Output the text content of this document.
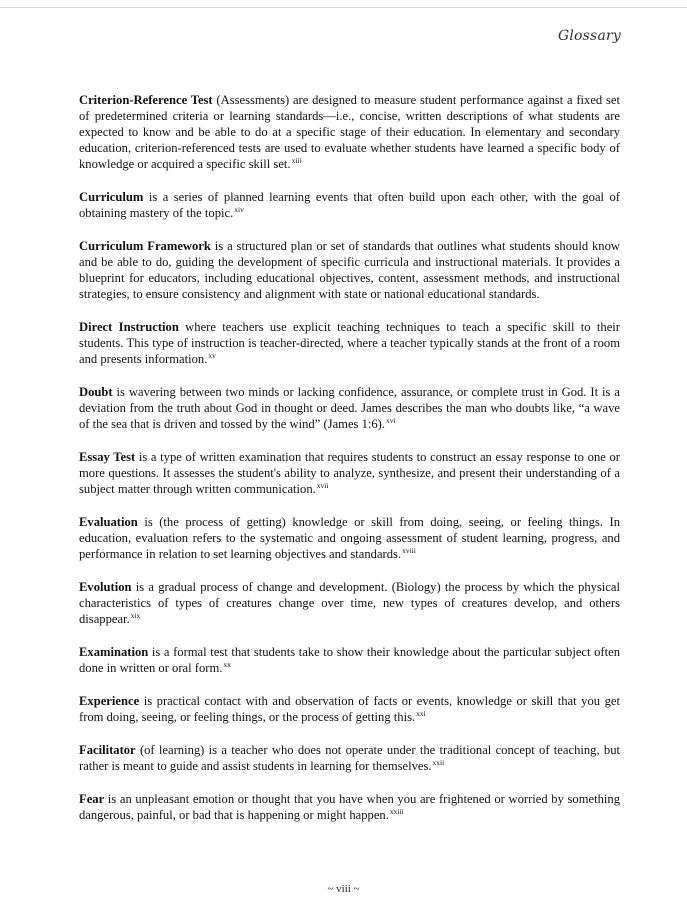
Glossary

Criterion-Reference Test (Assessments) are designed to measure student performance against a fixed set of predetermined criteria or learning standards—i.e., concise, written descriptions of what students are expected to know and be able to do at a specific stage of their education. In elementary and secondary education, criterion-referenced tests are used to evaluate whether students have learned a specific body of knowledge or acquired a specific skill set.$^{xiii}$

Curriculum is a series of planned learning events that often build upon each other, with the goal of obtaining mastery of the topic.$^{xiv}$

Curriculum Framework is a structured plan or set of standards that outlines what students should know and be able to do, guiding the development of specific curricula and instructional materials. It provides a blueprint for educators, including educational objectives, content, assessment methods, and instructional strategies, to ensure consistency and alignment with state or national educational standards.

Direct Instruction where teachers use explicit teaching techniques to teach a specific skill to their students. This type of instruction is teacher-directed, where a teacher typically stands at the front of a room and presents information.$^{xv}$

Doubt is wavering between two minds or lacking confidence, assurance, or complete trust in God. It is a deviation from the truth about God in thought or deed. James describes the man who doubts like, “a wave of the sea that is driven and tossed by the wind” (James 1:6).$^{xvi}$

Essay Test is a type of written examination that requires students to construct an essay response to one or more questions. It assesses the student's ability to analyze, synthesize, and present their understanding of a subject matter through written communication.$^{xvii}$

Evaluation is (the process of getting) knowledge or skill from doing, seeing, or feeling things. In education, evaluation refers to the systematic and ongoing assessment of student learning, progress, and performance in relation to set learning objectives and standards.$^{xviii}$

Evolution is a gradual process of change and development. (Biology) the process by which the physical characteristics of types of creatures change over time, new types of creatures develop, and others disappear.$^{xix}$

Examination is a formal test that students take to show their knowledge about the particular subject often done in written or oral form.$^{xx}$

Experience is practical contact with and observation of facts or events, knowledge or skill that you get from doing, seeing, or feeling things, or the process of getting this.$^{xxi}$

Facilitator (of learning) is a teacher who does not operate under the traditional concept of teaching, but rather is meant to guide and assist students in learning for themselves.$^{xxii}$

Fear is an unpleasant emotion or thought that you have when you are frightened or worried by something dangerous, painful, or bad that is happening or might happen.$^{xxiii}$

~ viii ~
